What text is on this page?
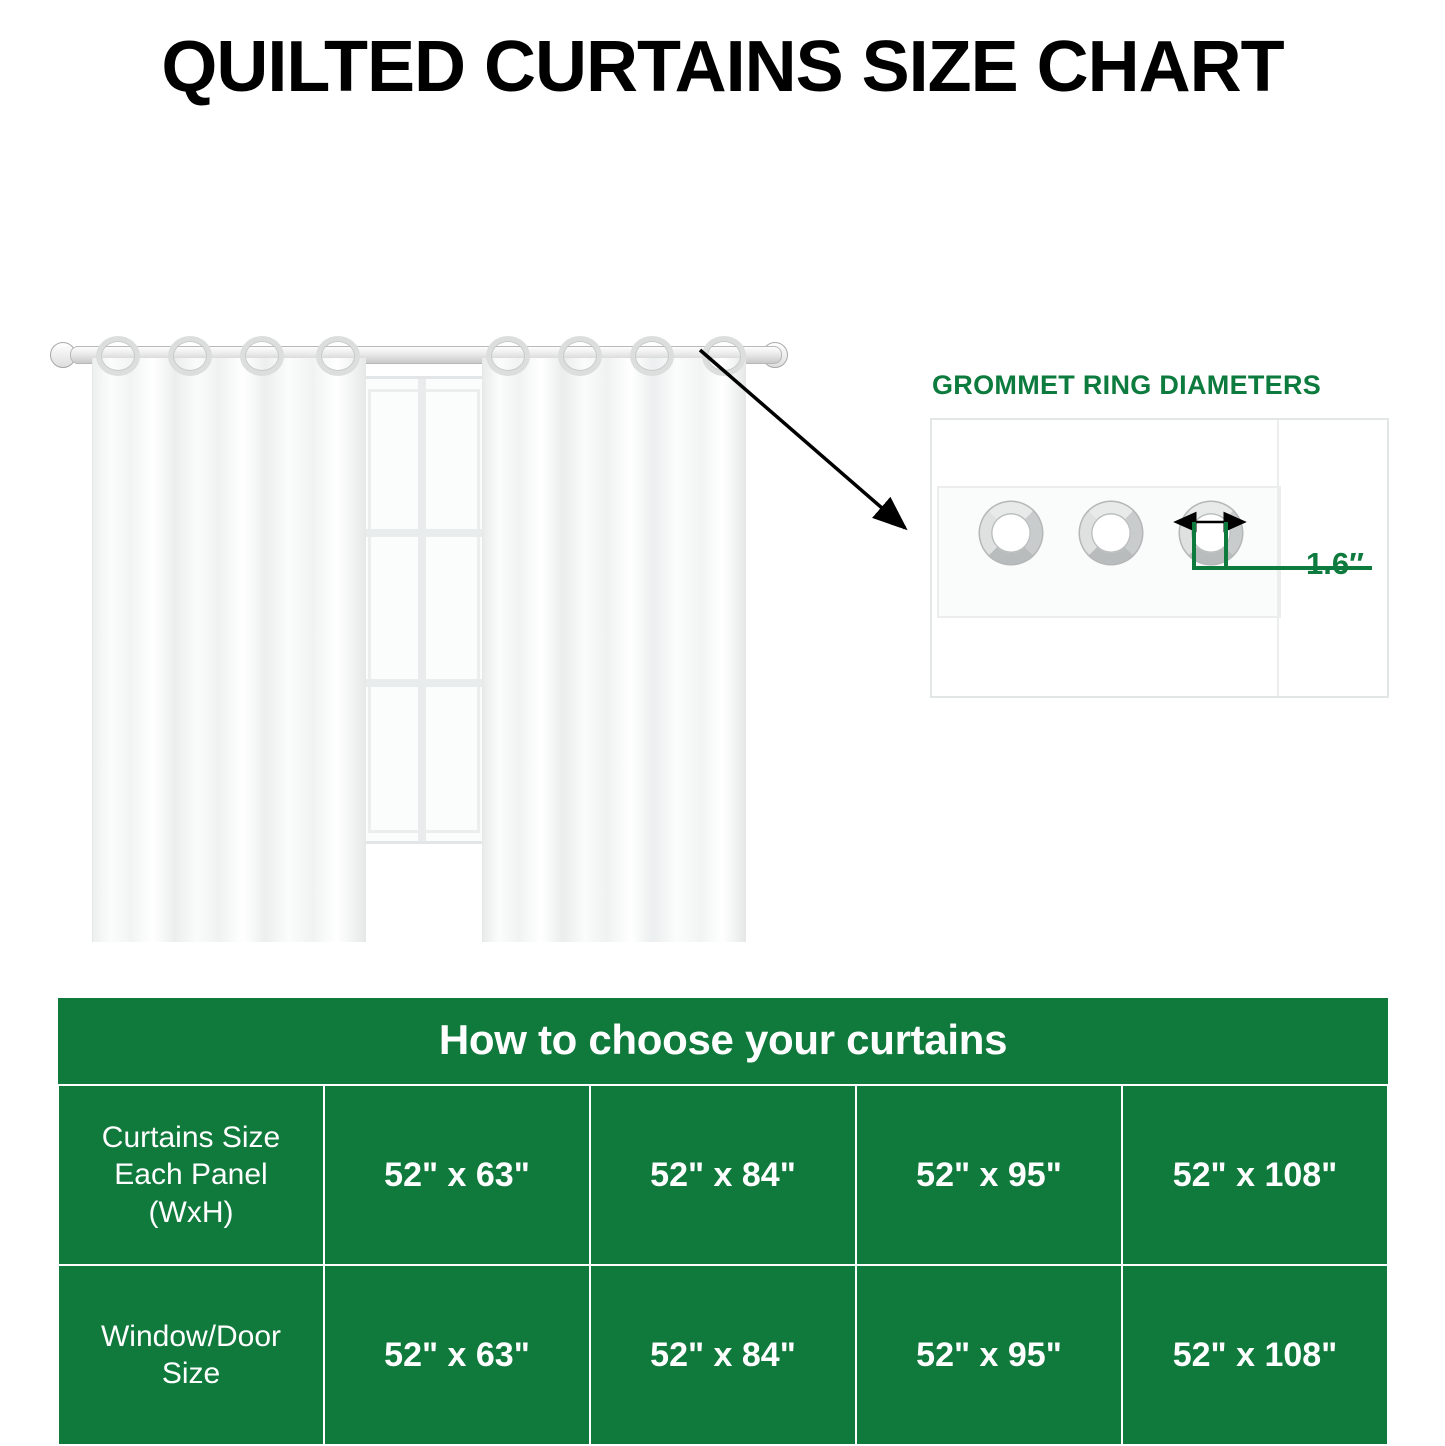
QUILTED CURTAINS SIZE CHART
GROMMET RING DIAMETERS
1.6″
How to choose your curtains				

Curtains Size
Each Panel
(WxH)	52" x 63"	52" x 84"	52" x 95"	52" x 108"

Window/Door
Size	52" x 63"	52" x 84"	52" x 95"	52" x 108"
